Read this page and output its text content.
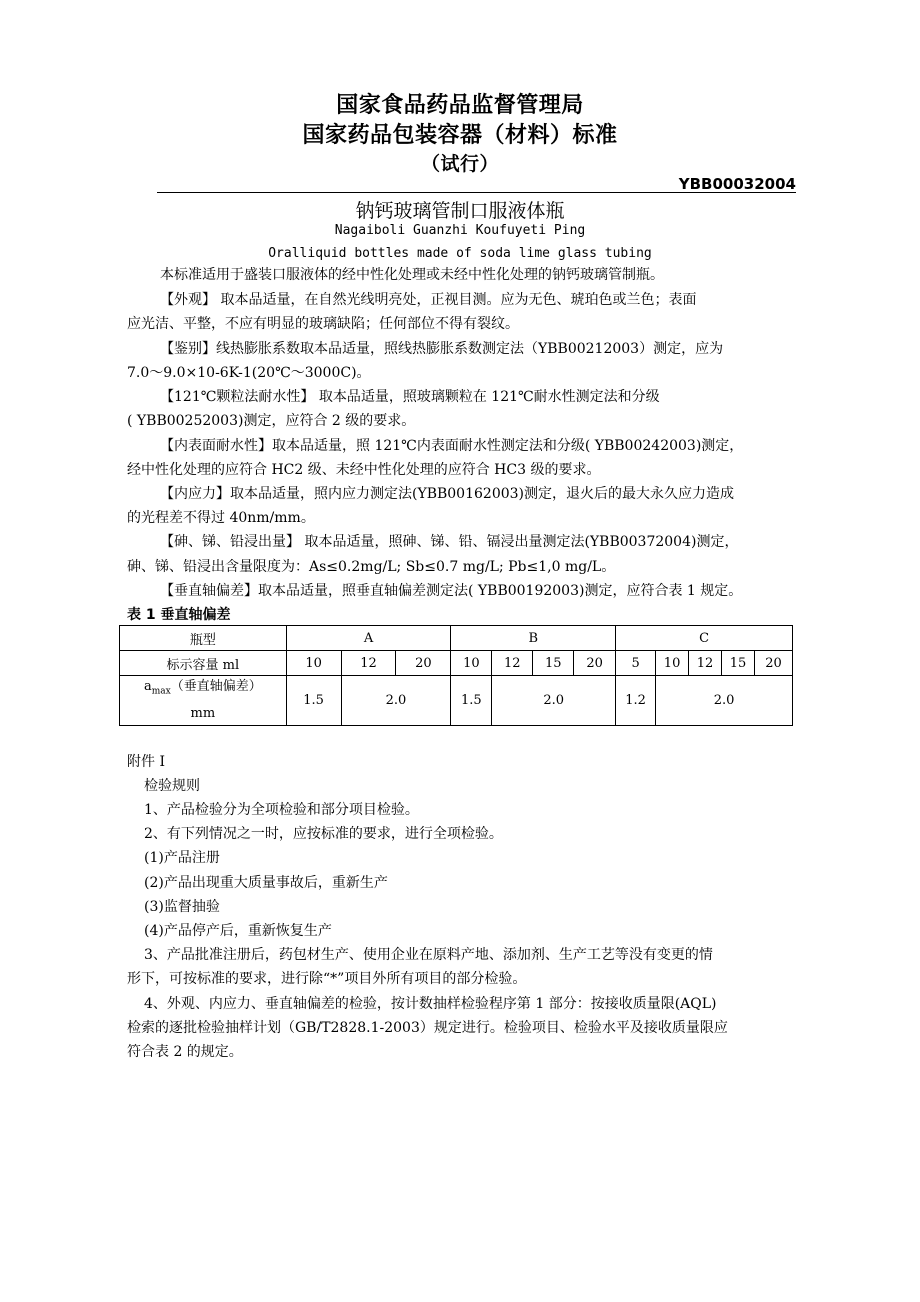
国家食品药品监督管理局
国家药品包装容器（材料）标准
（试行）
YBB00032004
钠钙玻璃管制口服液体瓶
Nagaiboli Guanzhi Koufuyeti Ping
Oralliquid bottles made of soda lime glass tubing
本标准适用于盛装口服液体的经中性化处理或未经中性化处理的钠钙玻璃管制瓶。
【外观】 取本品适量，在自然光线明亮处，正视目测。应为无色、琥珀色或兰色；表面
应光洁、平整，不应有明显的玻璃缺陷；任何部位不得有裂纹。
【鉴别】线热膨胀系数取本品适量，照线热膨胀系数测定法（YBB00212003）测定，应为
7.0～9.0×10-6K-1(20℃～3000C)。
【121℃颗粒法耐水性】 取本品适量，照玻璃颗粒在 121℃耐水性测定法和分级
( YBB00252003)测定，应符合 2 级的要求。
【内表面耐水性】取本品适量，照 121℃内表面耐水性测定法和分级( YBB00242003)测定，
经中性化处理的应符合 HC2 级、未经中性化处理的应符合 HC3 级的要求。
【内应力】取本品适量，照内应力测定法(YBB00162003)测定，退火后的最大永久应力造成
的光程差不得过 40nm/mm。
【砷、锑、铅浸出量】 取本品适量，照砷、锑、铅、镉浸出量测定法(YBB00372004)测定，
砷、锑、铅浸出含量限度为：As≤0.2mg/L; Sb≤0.7 mg/L; Pb≤1,0 mg/L。
【垂直轴偏差】取本品适量，照垂直轴偏差测定法( YBB00192003)测定，应符合表 1 规定。
表 1 垂直轴偏差
瓶型	A			B				C				
标示容量 ml	10	12	20	10	12	15	20	5	10	12	15	20
$a_{max}$（垂直轴偏差）
mm	1.5	2.0		1.5	2.0			1.2	2.0			
附件 I
检验规则
1、产品检验分为全项检验和部分项目检验。
2、有下列情况之一时，应按标准的要求，进行全项检验。
(1)产品注册
(2)产品出现重大质量事故后，重新生产
(3)监督抽验
(4)产品停产后，重新恢复生产
3、产品批准注册后，药包材生产、使用企业在原料产地、添加剂、生产工艺等没有变更的情
形下，可按标准的要求，进行除“*”项目外所有项目的部分检验。
4、外观、内应力、垂直轴偏差的检验，按计数抽样检验程序第 1 部分：按接收质量限(AQL)
检索的逐批检验抽样计划（GB/T2828.1-2003）规定进行。检验项目、检验水平及接收质量限应
符合表 2 的规定。
